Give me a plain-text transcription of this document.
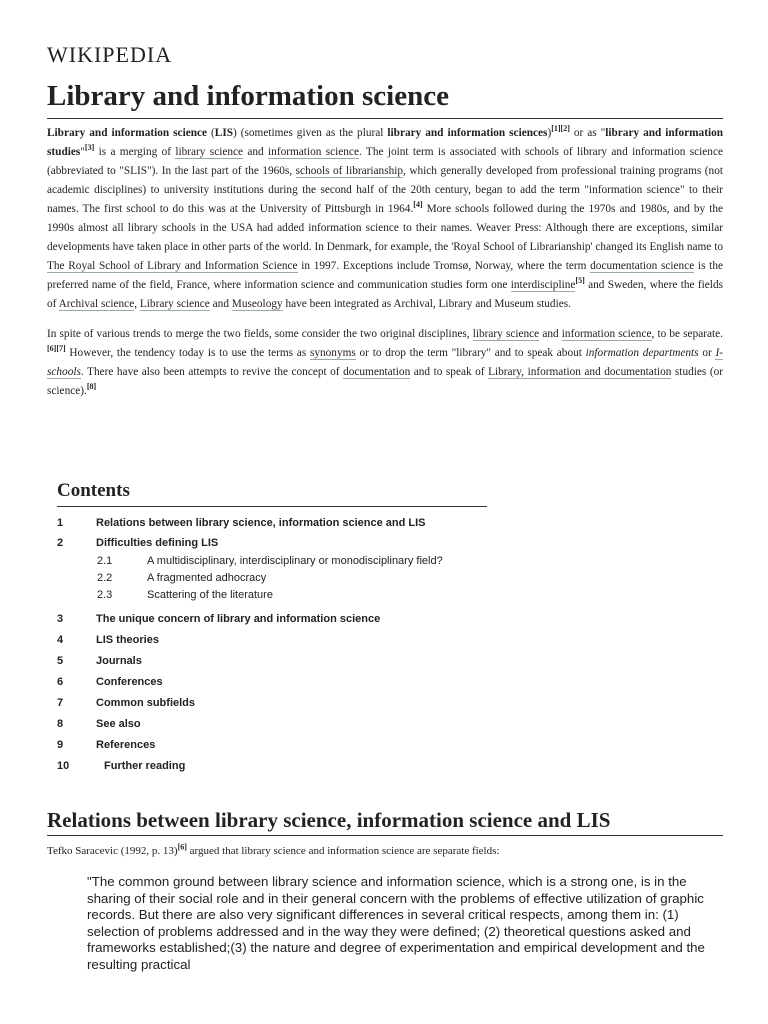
WIKIPEDIA
Library and information science

Library and information science (LIS) (sometimes given as the plural library and information sciences)[1][2] or as "library and information studies"[3] is a merging of library science and information science. The joint term is associated with schools of library and information science (abbreviated to "SLIS"). In the last part of the 1960s, schools of librarianship, which generally developed from professional training programs (not academic disciplines) to university institutions during the second half of the 20th century, began to add the term "information science" to their names. The first school to do this was at the University of Pittsburgh in 1964.[4] More schools followed during the 1970s and 1980s, and by the 1990s almost all library schools in the USA had added information science to their names. Weaver Press: Although there are exceptions, similar developments have taken place in other parts of the world. In Denmark, for example, the 'Royal School of Librarianship' changed its English name to The Royal School of Library and Information Science in 1997. Exceptions include Tromsø, Norway, where the term documentation science is the preferred name of the field, France, where information science and communication studies form one interdiscipline[5] and Sweden, where the fields of Archival science, Library science and Museology have been integrated as Archival, Library and Museum studies.

In spite of various trends to merge the two fields, some consider the two original disciplines, library science and information science, to be separate.[6][7] However, the tendency today is to use the terms as synonyms or to drop the term "library" and to speak about information departments or I-schools. There have also been attempts to revive the concept of documentation and to speak of Library, information and documentation studies (or science).[8]

Contents
1	Relations between library science, information science and LIS
2	Difficulties defining LIS
2.1	A multidisciplinary, interdisciplinary or monodisciplinary field?
2.2	A fragmented adhocracy
2.3	Scattering of the literature
3	The unique concern of library and information science
4	LIS theories
5	Journals
6	Conferences
7	Common subfields
8	See also
9	References
10	Further reading
Relations between library science, information science and LIS
Tefko Saracevic (1992, p. 13)[6] argued that library science and information science are separate fields:
"The common ground between library science and information science, which is a strong one, is in the sharing of their social role and in their general concern with the problems of effective utilization of graphic records. But there are also very significant differences in several critical respects, among them in: (1) selection of problems addressed and in the way they were defined; (2) theoretical questions asked and frameworks established;(3) the nature and degree of experimentation and empirical development and the resulting practical
